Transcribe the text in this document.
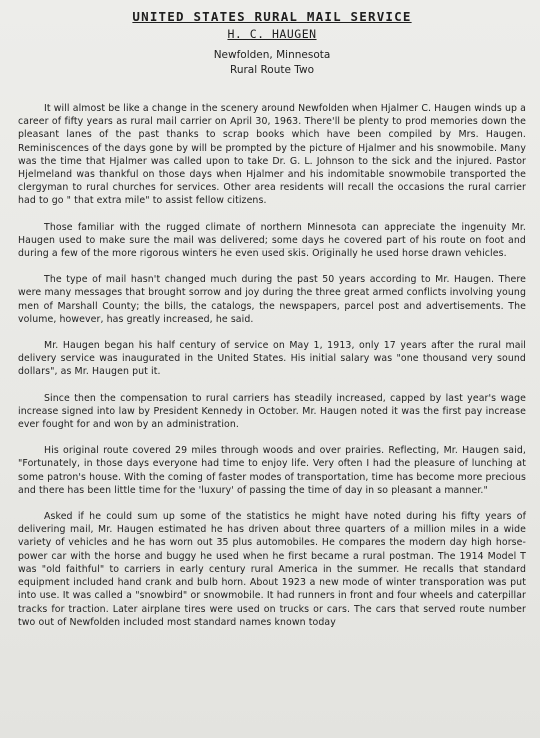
UNITED STATES RURAL MAIL SERVICE
H. C. HAUGEN
Newfolden, Minnesota
Rural Route Two

It will almost be like a change in the scenery around Newfolden when Hjalmer C. Haugen winds up a career of fifty years as rural mail carrier on April 30, 1963. There'll be plenty to prod memories down the pleasant lanes of the past thanks to scrap books which have been compiled by Mrs. Haugen. Reminiscences of the days gone by will be prompted by the picture of Hjalmer and his snowmobile. Many was the time that Hjalmer was called upon to take Dr. G. L. Johnson to the sick and the injured. Pastor Hjelmeland was thankful on those days when Hjalmer and his indomitable snowmobile transported the clergyman to rural churches for services. Other area residents will recall the occasions the rural carrier had to go " that extra mile" to assist fellow citizens.

Those familiar with the rugged climate of northern Minnesota can appreciate the ingenuity Mr. Haugen used to make sure the mail was delivered; some days he covered part of his route on foot and during a few of the more rigorous winters he even used skis. Originally he used horse drawn vehicles.

The type of mail hasn't changed much during the past 50 years according to Mr. Haugen. There were many messages that brought sorrow and joy during the three great armed conflicts involving young men of Marshall County; the bills, the catalogs, the newspapers, parcel post and advertisements. The volume, however, has greatly increased, he said.

Mr. Haugen began his half century of service on May 1, 1913, only 17 years after the rural mail delivery service was inaugurated in the United States. His initial salary was "one thousand very sound dollars", as Mr. Haugen put it.

Since then the compensation to rural carriers has steadily increased, capped by last year's wage increase signed into law by President Kennedy in October. Mr. Haugen noted it was the first pay increase ever fought for and won by an administration.

His original route covered 29 miles through woods and over prairies. Reflecting, Mr. Haugen said, "Fortunately, in those days everyone had time to enjoy life. Very often I had the pleasure of lunching at some patron's house. With the coming of faster modes of transportation, time has become more precious and there has been little time for the 'luxury' of passing the time of day in so pleasant a manner."

Asked if he could sum up some of the statistics he might have noted during his fifty years of delivering mail, Mr. Haugen estimated he has driven about three quarters of a million miles in a wide variety of vehicles and he has worn out 35 plus automobiles. He compares the modern day high horse-power car with the horse and buggy he used when he first became a rural postman. The 1914 Model T was "old faithful" to carriers in early century rural America in the summer. He recalls that standard equipment included hand crank and bulb horn. About 1923 a new mode of winter transporation was put into use. It was called a "snowbird" or snowmobile. It had runners in front and four wheels and caterpillar tracks for traction. Later airplane tires were used on trucks or cars. The cars that served route number two out of Newfolden included most standard names known today
